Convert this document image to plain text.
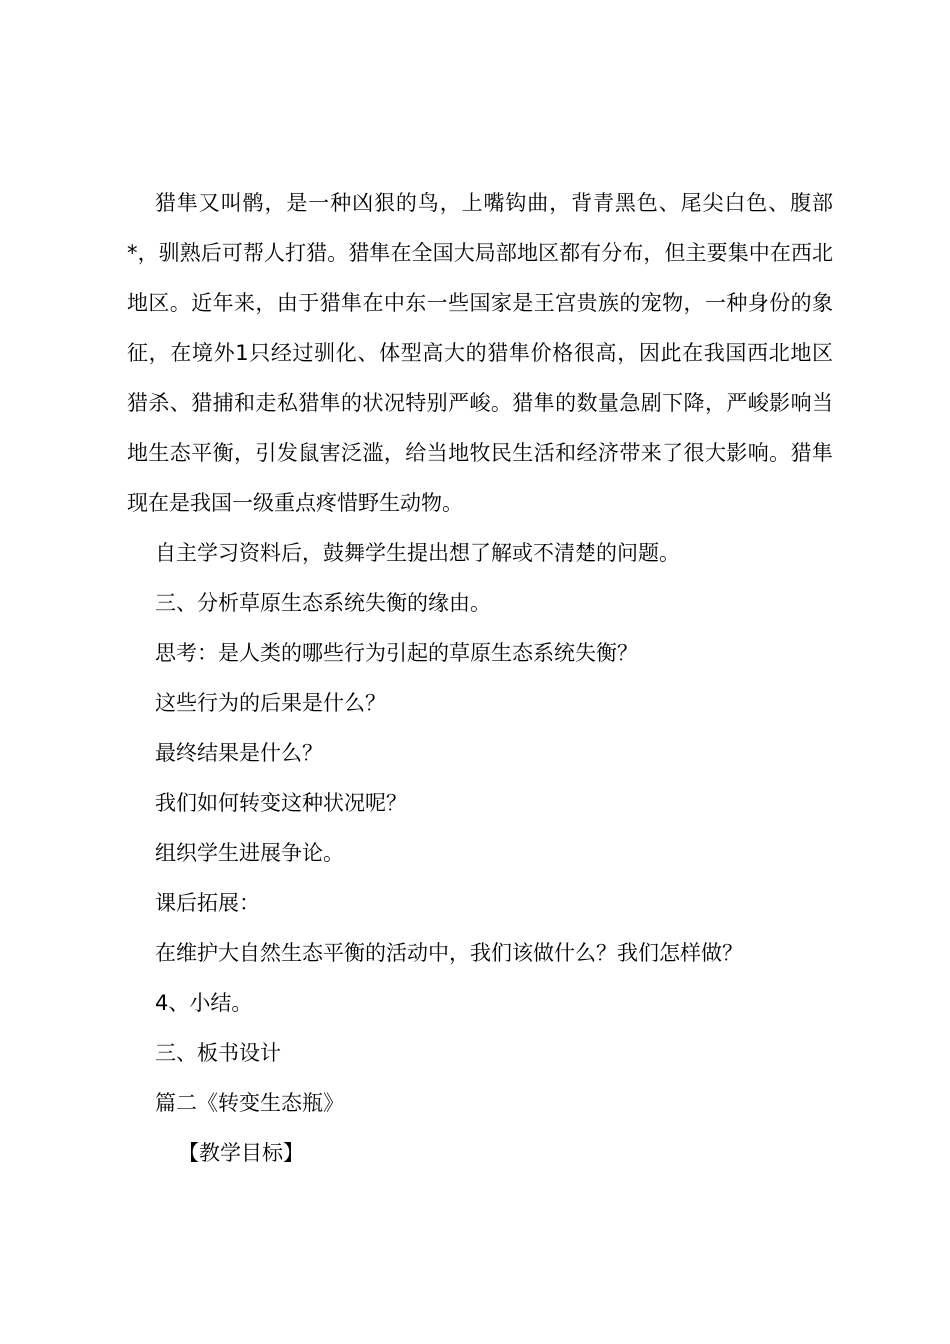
猎隼又叫鹘，是一种凶狠的鸟，上嘴钩曲，背青黑色、尾尖白色、腹部*，驯熟后可帮人打猎。猎隼在全国大局部地区都有分布，但主要集中在西北地区。近年来，由于猎隼在中东一些国家是王宫贵族的宠物，一种身份的象征，在境外1只经过驯化、体型高大的猎隼价格很高，因此在我国西北地区猎杀、猎捕和走私猎隼的状况特别严峻。猎隼的数量急剧下降，严峻影响当地生态平衡，引发鼠害泛滥，给当地牧民生活和经济带来了很大影响。猎隼现在是我国一级重点疼惜野生动物。

自主学习资料后，鼓舞学生提出想了解或不清楚的问题。

三、分析草原生态系统失衡的缘由。

思考：是人类的哪些行为引起的草原生态系统失衡？

这些行为的后果是什么？

最终结果是什么？

我们如何转变这种状况呢？

组织学生进展争论。

课后拓展：

在维护大自然生态平衡的活动中，我们该做什么？我们怎样做？

4、小结。

三、板书设计

篇二《转变生态瓶》

【教学目标】
